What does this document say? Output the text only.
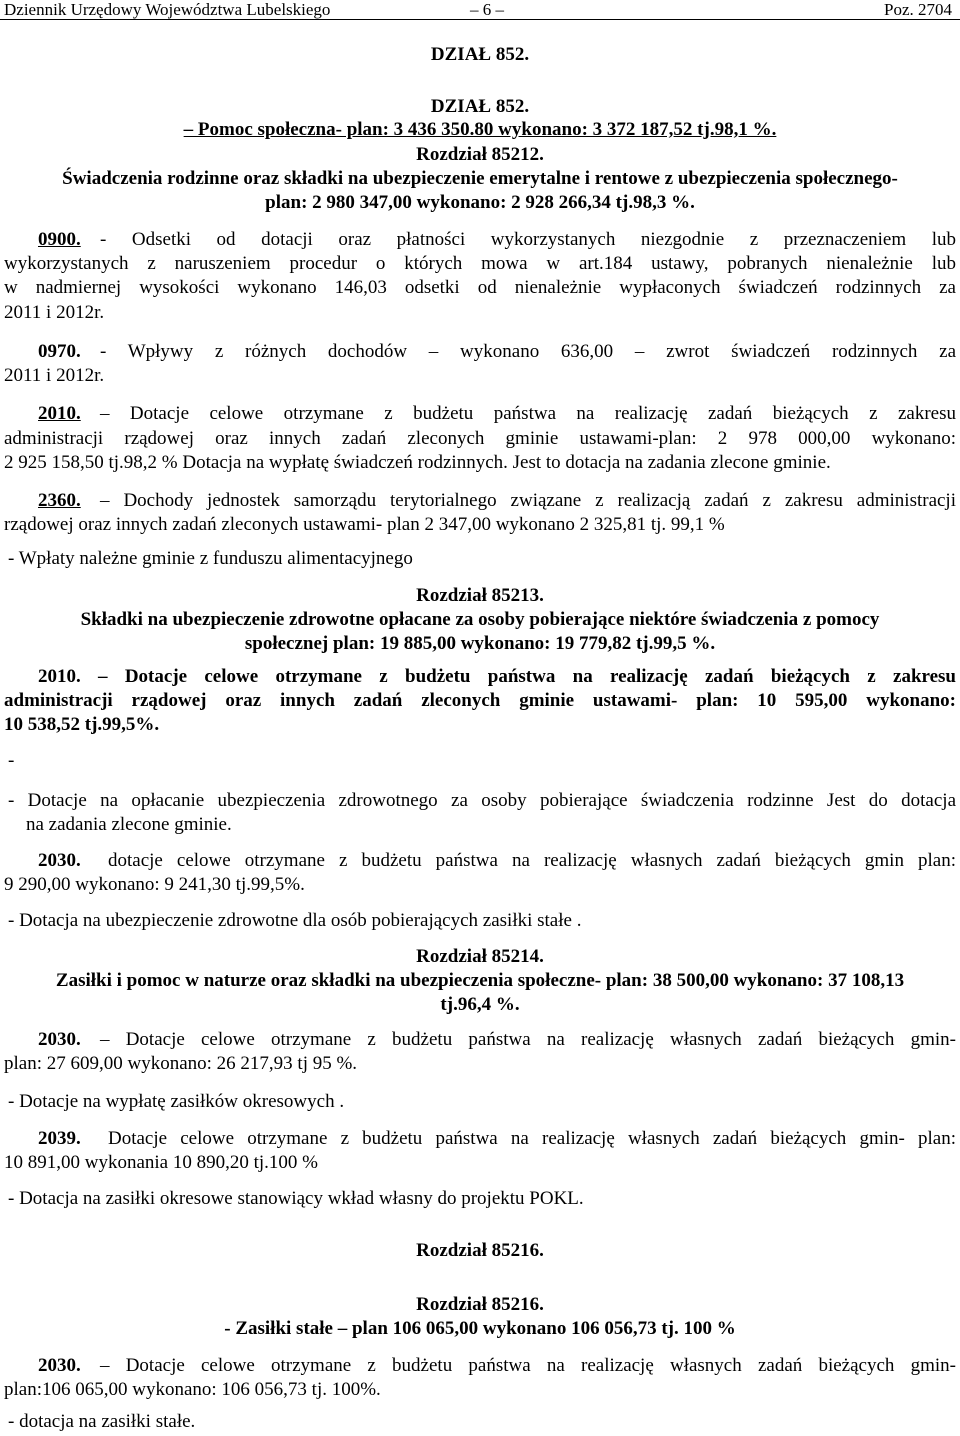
Dziennik Urzędowy Województwa Lubelskiego	– 6 –	Poz. 2704
DZIAŁ 852.
DZIAŁ 852.
– Pomoc społeczna- plan: 3 436 350.80 wykonano: 3 372 187,52 tj.98,1 %.
Rozdział 85212.
Świadczenia rodzinne oraz składki na ubezpieczenie emerytalne i rentowe z ubezpieczenia społecznego-
plan: 2 980 347,00 wykonano: 2 928 266,34 tj.98,3 %.
0900. - Odsetki od dotacji oraz płatności wykorzystanych niezgodnie z przeznaczeniem lub
wykorzystanych z naruszeniem procedur o których mowa w art.184 ustawy, pobranych nienależnie lub
w nadmiernej wysokości wykonano 146,03 odsetki od nienależnie wypłaconych świadczeń rodzinnych za
2011 i 2012r.
0970. - Wpływy z różnych dochodów – wykonano 636,00 – zwrot świadczeń rodzinnych za
2011 i 2012r.
2010. – Dotacje celowe otrzymane z budżetu państwa na realizację zadań bieżących z zakresu
administracji rządowej oraz innych zadań zleconych gminie ustawami-plan: 2 978 000,00 wykonano:
2 925 158,50 tj.98,2 % Dotacja na wypłatę świadczeń rodzinnych. Jest to dotacja na zadania zlecone gminie.
2360. – Dochody jednostek samorządu terytorialnego związane z realizacją zadań z zakresu administracji
rządowej oraz innych zadań zleconych ustawami- plan 2 347,00 wykonano 2 325,81 tj. 99,1 %
- Wpłaty należne gminie z funduszu alimentacyjnego
Rozdział 85213.
Składki na ubezpieczenie zdrowotne opłacane za osoby pobierające niektóre świadczenia z pomocy
społecznej plan: 19 885,00 wykonano: 19 779,82 tj.99,5 %.
2010. – Dotacje celowe otrzymane z budżetu państwa na realizację zadań bieżących z zakresu
administracji rządowej oraz innych zadań zleconych gminie ustawami- plan: 10 595,00 wykonano:
10 538,52 tj.99,5%.
-
- Dotacje na opłacanie ubezpieczenia zdrowotnego za osoby pobierające świadczenia rodzinne Jest do dotacja
na zadania zlecone gminie.
2030. dotacje celowe otrzymane z budżetu państwa na realizację własnych zadań bieżących gmin plan:
9 290,00 wykonano: 9 241,30 tj.99,5%.
- Dotacja na ubezpieczenie zdrowotne dla osób pobierających zasiłki stałe .
Rozdział 85214.
Zasiłki i pomoc w naturze oraz składki na ubezpieczenia społeczne- plan: 38 500,00 wykonano: 37 108,13
tj.96,4 %.
2030. – Dotacje celowe otrzymane z budżetu państwa na realizację własnych zadań bieżących gmin-
plan: 27 609,00 wykonano: 26 217,93 tj 95 %.
- Dotacje na wypłatę zasiłków okresowych .
2039. Dotacje celowe otrzymane z budżetu państwa na realizację własnych zadań bieżących gmin- plan:
10 891,00 wykonania 10 890,20 tj.100 %
- Dotacja na zasiłki okresowe stanowiący wkład własny do projektu POKL.
Rozdział 85216.
Rozdział 85216.
- Zasiłki stałe – plan 106 065,00 wykonano 106 056,73 tj. 100 %
2030. – Dotacje celowe otrzymane z budżetu państwa na realizację własnych zadań bieżących gmin-
plan:106 065,00 wykonano: 106 056,73 tj. 100%.
- dotacja na zasiłki stałe.
